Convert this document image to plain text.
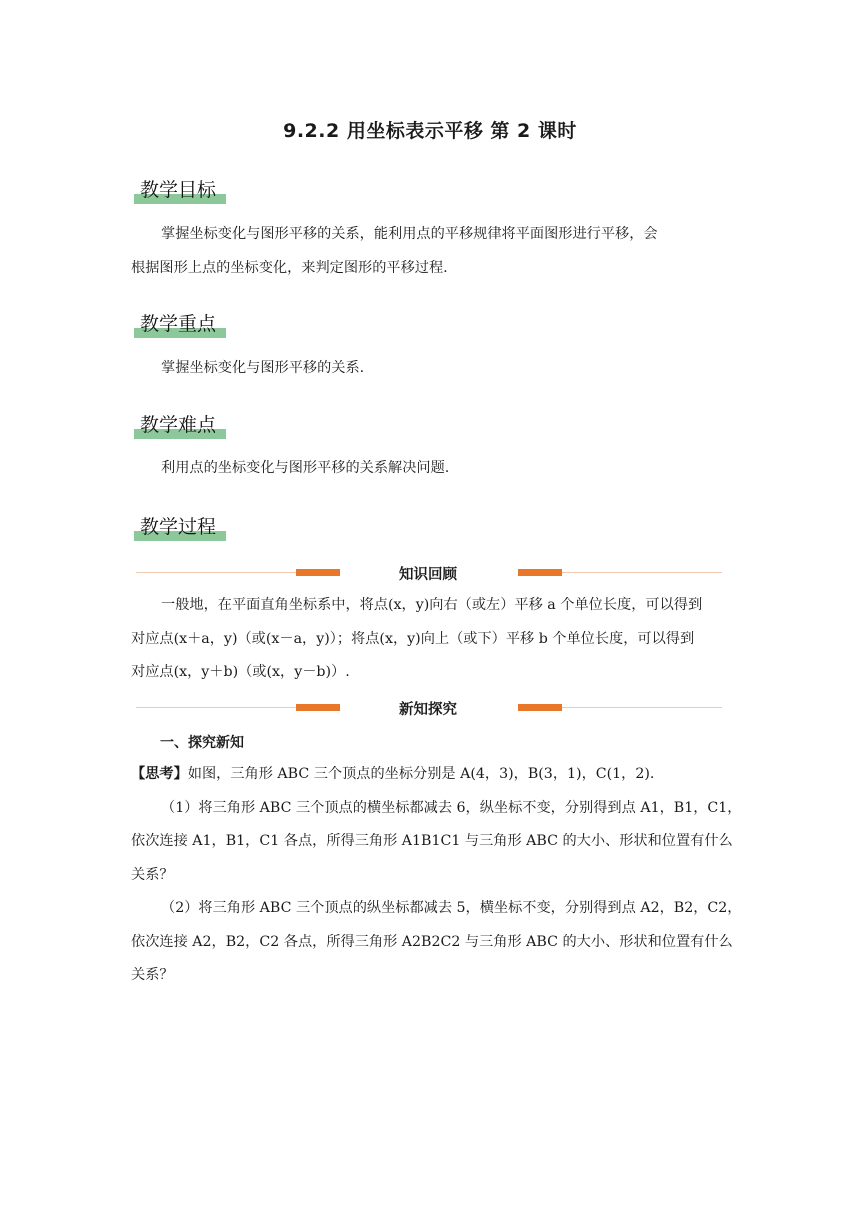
9.2.2 用坐标表示平移 第 2 课时
教学目标
掌握坐标变化与图形平移的关系，能利用点的平移规律将平面图形进行平移，会
根据图形上点的坐标变化，来判定图形的平移过程.
教学重点
掌握坐标变化与图形平移的关系.
教学难点
利用点的坐标变化与图形平移的关系解决问题.
教学过程
知识回顾
一般地，在平面直角坐标系中，将点(x，y)向右（或左）平移 a 个单位长度，可以得到
对应点(x＋a，y)（或(x－a，y)）；将点(x，y)向上（或下）平移 b 个单位长度，可以得到
对应点(x，y＋b)（或(x，y－b)）.
新知探究
一、探究新知
【思考】如图，三角形 ABC 三个顶点的坐标分别是 A(4，3)，B(3，1)，C(1，2).
（1）将三角形 ABC 三个顶点的横坐标都减去 6，纵坐标不变，分别得到点 A1，B1，C1，
依次连接 A1，B1，C1 各点，所得三角形 A1B1C1 与三角形 ABC 的大小、形状和位置有什么
关系？
（2）将三角形 ABC 三个顶点的纵坐标都减去 5，横坐标不变，分别得到点 A2，B2，C2，
依次连接 A2，B2，C2 各点，所得三角形 A2B2C2 与三角形 ABC 的大小、形状和位置有什么
关系？
